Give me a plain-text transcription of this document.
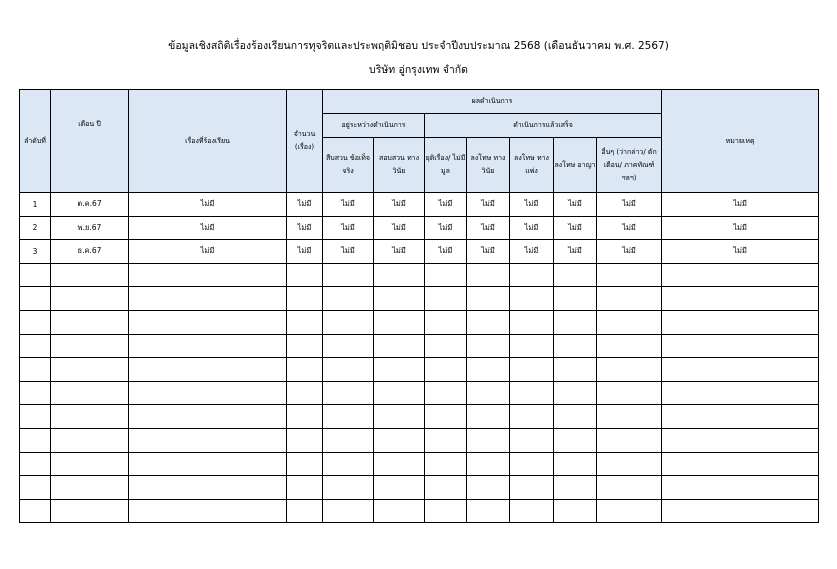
ข้อมูลเชิงสถิติเรื่องร้องเรียนการทุจริตและประพฤติมิชอบ ประจำปีงบประมาณ 2568 (เดือนธันวาคม พ.ศ. 2567)
บริษัท อู่กรุงเทพ จำกัด
ลำดับที่	เดือน ปี	เรื่องที่ร้องเรียน	จำนวน (เรื่อง)	ผลดำเนินการ							หมายเหตุ
				อยู่ระหว่างดำเนินการ		ดำเนินการแล้วเสร็จ					
				สืบสวน ข้อเท็จจริง	สอบสวน ทางวินัย	ยุติเรื่อง/ ไม่มีมูล	ลงโทษ ทางวินัย	ลงโทษ ทางแพ่ง	ลงโทษ อาญา	อื่นๆ (ว่ากล่าว/ ตักเตือน/ ภาคทัณฑ์ ฯลฯ)	
1	ต.ค.67	ไม่มี	ไม่มี	ไม่มี	ไม่มี	ไม่มี	ไม่มี	ไม่มี	ไม่มี	ไม่มี	ไม่มี
2	พ.ย.67	ไม่มี	ไม่มี	ไม่มี	ไม่มี	ไม่มี	ไม่มี	ไม่มี	ไม่มี	ไม่มี	ไม่มี
3	ธ.ค.67	ไม่มี	ไม่มี	ไม่มี	ไม่มี	ไม่มี	ไม่มี	ไม่มี	ไม่มี	ไม่มี	ไม่มี
